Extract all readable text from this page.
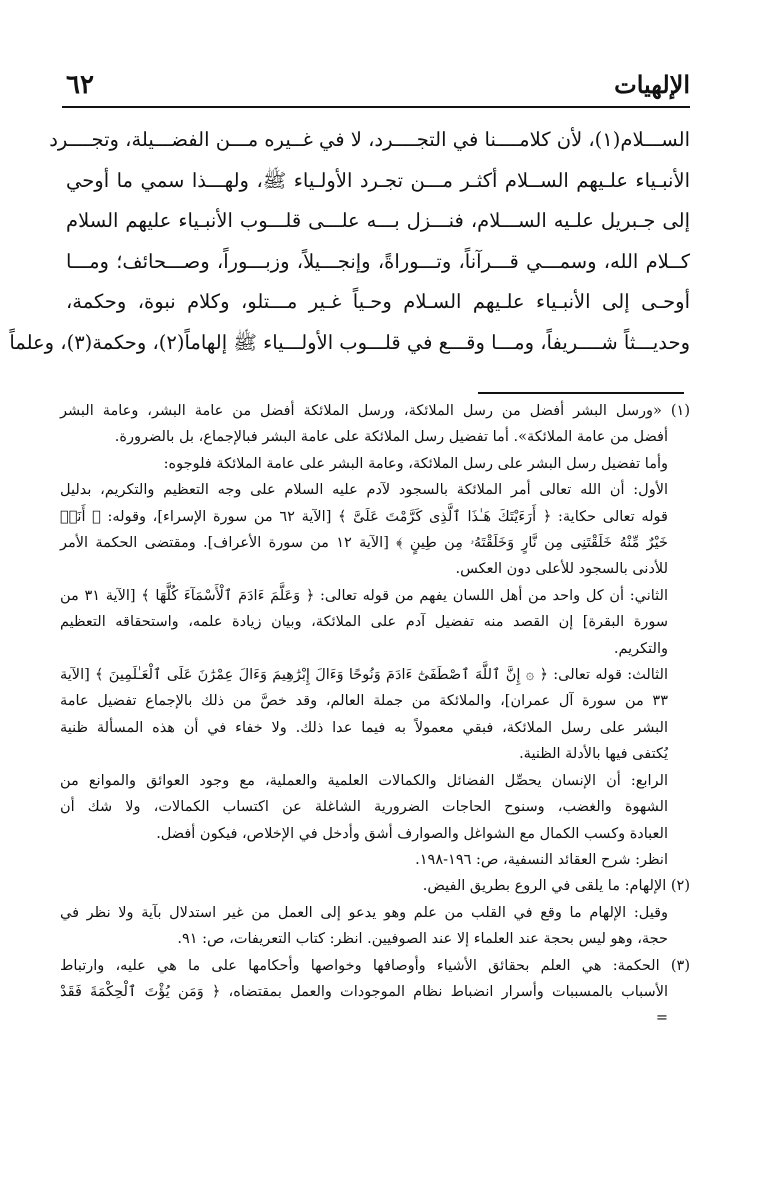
الإلهيات
٦٢
الســـلام(١)، لأن كلامــــنا في التجــــرد، لا في غــيره مـــن الفضـــيلة، وتجــــرد
الأنبـياء علـيهم الســلام أكثـر مـــن تجـرد الأولـياء ﷺ، ولهـــذا سمي ما أوحي
إلى جـبريل علـيه الســـلام، فنـــزل بـــه علـــى قلـــوب الأنبـياء عليهم السلام
كــلام الله، وسمـــي قـــرآناً، وتـــوراةً، وإنجـــيلاً، وزبـــوراً، وصـــحائف؛ ومـــا
أوحـى إلى الأنبـياء علـيهم السـلام وحـياً غـير مـــتلو، وكلام نبوة، وحكمة،
وحديـــثاً شــــريفاً، ومـــا وقـــع في قلـــوب الأولـــياء ﷺ إلهاماً(٢)، وحكمة(٣)، وعلماً
(١) «ورسل البشر أفضل من رسل الملائكة، ورسل الملائكة أفضل من عامة البشر، وعامة البشر
أفضل من عامة الملائكة». أما تفضيل رسل الملائكة على عامة البشر فبالإجماع، بل بالضرورة.
وأما تفضيل رسل البشر على رسل الملائكة، وعامة البشر على عامة الملائكة فلوجوه:
الأول: أن الله تعالى أمر الملائكة بالسجود لآدم عليه السلام على وجه التعظيم والتكريم، بدليل
قوله تعالى حكاية: ﴿ أَرَءَيْتَكَ هَـٰذَا ٱلَّذِى كَرَّمْتَ عَلَىَّ ﴾ [الآية ٦٢ من سورة الإسراء]، وقوله: ﴿ أَنَا۠
خَيْرٌ مِّنْهُ خَلَقْتَنِى مِن نَّارٍ وَخَلَقْتَهُۥ مِن طِينٍ ﴾ [الآية ١٢ من سورة الأعراف]. ومقتضى الحكمة الأمر
للأدنى بالسجود للأعلى دون العكس.
الثاني: أن كل واحد من أهل اللسان يفهم من قوله تعالى: ﴿ وَعَلَّمَ ءَادَمَ ٱلْأَسْمَآءَ كُلَّهَا ﴾ [الآية ٣١ من
سورة البقرة] إن القصد منه تفضيل آدم على الملائكة، وبيان زيادة علمه، واستحقاقه التعظيم
والتكريم.
الثالث: قوله تعالى: ﴿ ۞ إِنَّ ٱللَّهَ ٱصْطَفَىٰٓ ءَادَمَ وَنُوحًا وَءَالَ إِبْرَٰهِيمَ وَءَالَ عِمْرَٰنَ عَلَى ٱلْعَـٰلَمِينَ ﴾ [الآية
٣٣ من سورة آل عمران]، والملائكة من جملة العالم، وقد خصَّ من ذلك بالإجماع تفضيل عامة
البشر على رسل الملائكة، فبقي معمولاً به فيما عدا ذلك. ولا خفاء في أن هذه المسألة ظنية
يُكتفى فيها بالأدلة الظنية.
الرابع: أن الإنسان يحصِّل الفضائل والكمالات العلمية والعملية، مع وجود العوائق والموانع من
الشهوة والغضب، وسنوح الحاجات الضرورية الشاغلة عن اكتساب الكمالات، ولا شك أن
العبادة وكسب الكمال مع الشواغل والصوارف أشق وأدخل في الإخلاص، فيكون أفضل.
انظر: شرح العقائد النسفية، ص: ١٩٦-١٩٨.
(٢) الإلهام: ما يلقى في الروع بطريق الفيض.
وقيل: الإلهام ما وقع في القلب من علم وهو يدعو إلى العمل من غير استدلال بآية ولا نظر في
حجة، وهو ليس بحجة عند العلماء إلا عند الصوفيين. انظر: كتاب التعريفات، ص: ٩١.
(٣) الحكمة: هي العلم بحقائق الأشياء وأوصافها وخواصها وأحكامها على ما هي عليه، وارتباط
الأسباب بالمسببات وأسرار انضباط نظام الموجودات والعمل بمقتضاه، ﴿ وَمَن يُؤْتَ ٱلْحِكْمَةَ فَقَدْ
=
